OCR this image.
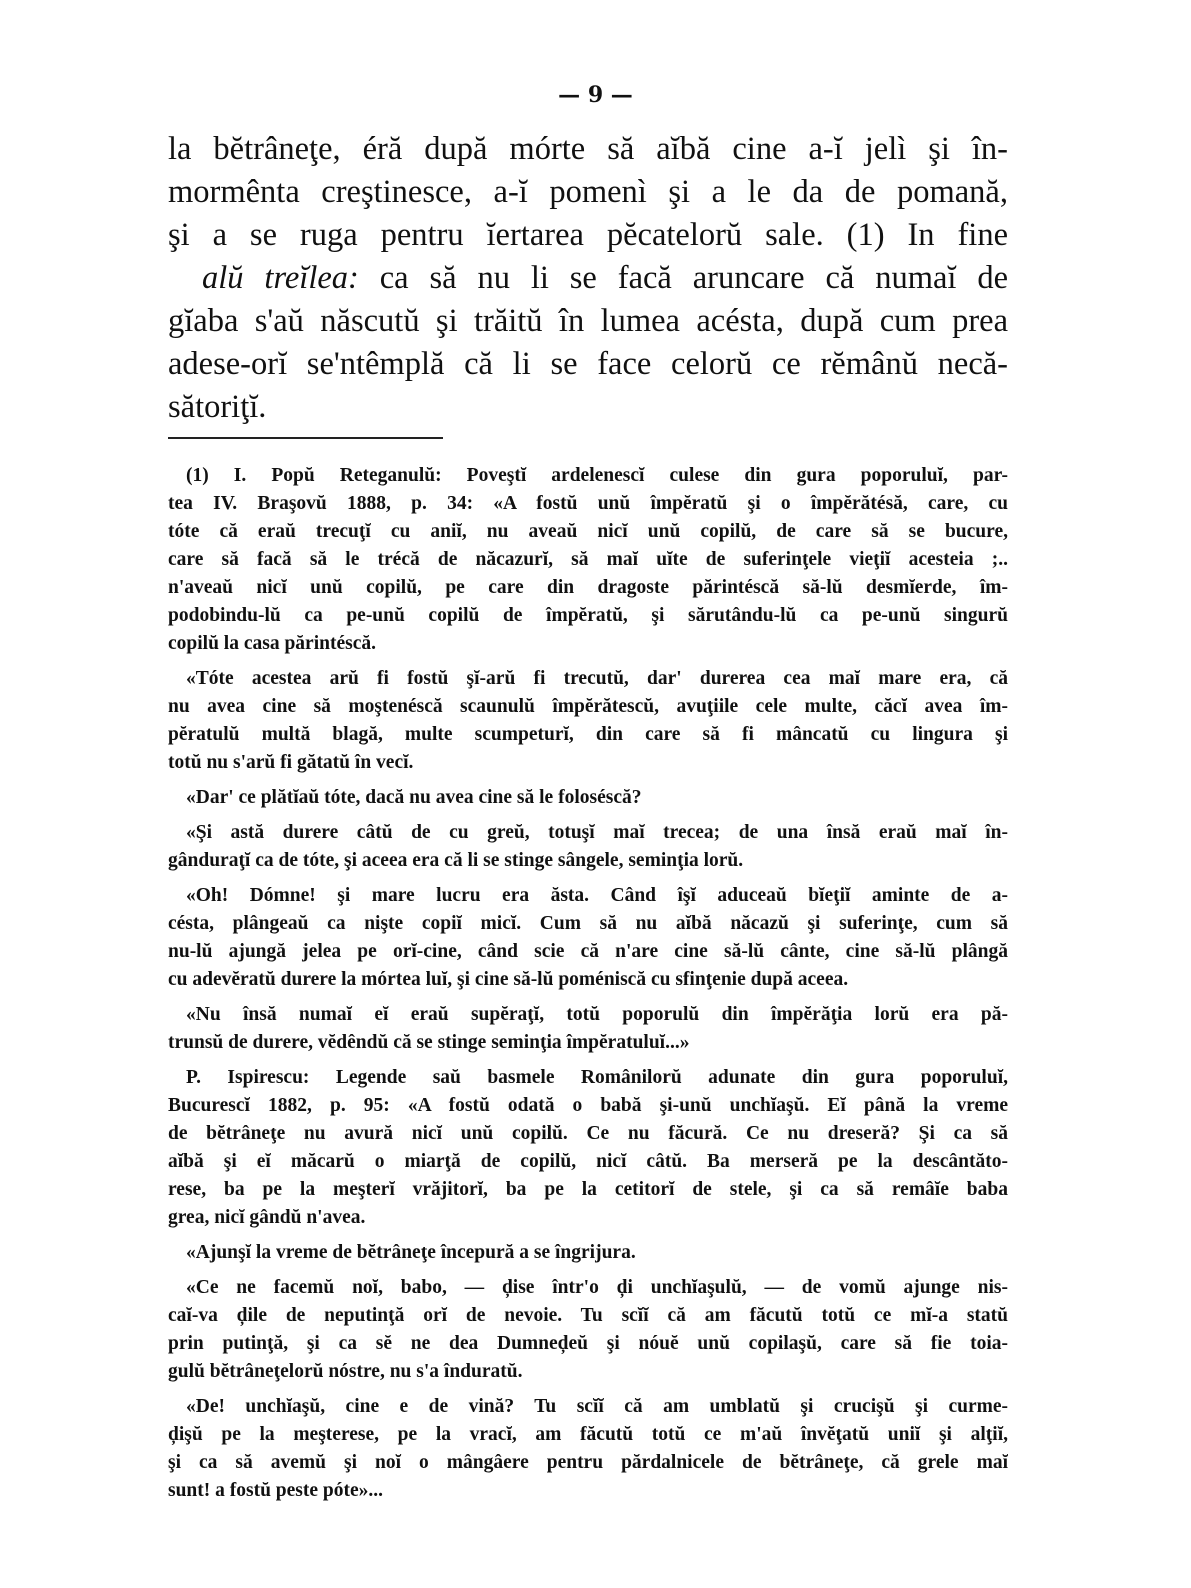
— 9 —
la bĕtrâneţe, éră după mórte să aĭbă cine a-ĭ jelì şi în-
mormênta creştinesce, a-ĭ pomenì şi a le da de pomană,
şi a se ruga pentru ĭertarea pĕcatelorŭ sale. (1) In fine
alŭ treĭlea: ca să nu li se facă aruncare că numaĭ de
gĭaba s'aŭ născutŭ şi trăitŭ în lumea acésta, după cum prea
adese-orĭ se'ntêmplă că li se face celorŭ ce rĕmânŭ necă-
sătoriţĭ.
(1) I. Popŭ Reteganulŭ: Poveştĭ ardelenescĭ culese din gura poporuluĭ, par-
tea IV. Braşovŭ 1888, p. 34: «A fostŭ unŭ împĕratŭ şi o împĕrătésă, care, cu
tóte că eraŭ trecuţĭ cu aniĭ, nu aveaŭ nicĭ unŭ copilŭ, de care să se bucure,
care să facă să le trécă de năcazurĭ, să maĭ uĭte de suferinţele vieţiĭ acesteia ;..
n'aveaŭ nicĭ unŭ copilŭ, pe care din dragoste părintéscă să-lŭ desmĭerde, îm-
podobindu-lŭ ca pe-unŭ copilŭ de împĕratŭ, şi sărutându-lŭ ca pe-unŭ singurŭ
copilŭ la casa părintéscă.
«Tóte acestea arŭ fi fostŭ şĭ-arŭ fi trecutŭ, dar' durerea cea maĭ mare era, că
nu avea cine să moştenéscă scaunulŭ împĕrătescŭ, avuţiile cele multe, căcĭ avea îm-
pĕratulŭ multă blagă, multe scumpeturĭ, din care să fi mâncatŭ cu lingura şi
totŭ nu s'arŭ fi gătatŭ în vecĭ.
«Dar' ce plătĭaŭ tóte, dacă nu avea cine să le foloséscă?
«Şi astă durere câtŭ de cu greŭ, totuşĭ maĭ trecea; de una însă eraŭ maĭ în-
gânduraţĭ ca de tóte, şi aceea era că li se stinge sângele, seminţia lorŭ.
«Oh! Dómne! şi mare lucru era ăsta. Când îşĭ aduceaŭ bĭeţiĭ aminte de a-
césta, plângeaŭ ca nişte copiĭ micĭ. Cum să nu aĭbă năcazŭ şi suferinţe, cum să
nu-lŭ ajungă jelea pe orĭ-cine, când scie că n'are cine să-lŭ cânte, cine să-lŭ plângă
cu adevĕratŭ durere la mórtea luĭ, şi cine să-lŭ poméniscă cu sfinţenie după aceea.
«Nu însă numaĭ eĭ eraŭ supĕraţĭ, totŭ poporulŭ din împĕrăţia lorŭ era pă-
trunsŭ de durere, vĕdêndŭ că se stinge seminţia împĕratuluĭ...»
P. Ispirescu: Legende saŭ basmele Românilorŭ adunate din gura poporuluĭ,
Bucurescĭ 1882, p. 95: «A fostŭ odată o babă şi-unŭ unchĭaşŭ. Eĭ până la vreme
de bĕtrâneţe nu avură nicĭ unŭ copilŭ. Ce nu făcură. Ce nu dreseră? Şi ca să
aĭbă şi eĭ măcarŭ o miarţă de copilŭ, nicĭ câtŭ. Ba merseră pe la descântăto-
rese, ba pe la meşterĭ vrăjitorĭ, ba pe la cetitorĭ de stele, şi ca să remâĭe baba
grea, nicĭ gândŭ n'avea.
«Ajunşĭ la vreme de bĕtrâneţe începură a se îngrijura.
«Ce ne facemŭ noĭ, babo, — ḑise într'o ḑi unchĭaşulŭ, — de vomŭ ajunge nis-
caĭ-va ḑile de neputinţă orĭ de nevoie. Tu scĭĭ că am făcutŭ totŭ ce mĭ-a statŭ
prin putinţă, şi ca sĕ ne dea Dumneḑeŭ şi nóuĕ unŭ copilaşŭ, care să fie toia-
gulŭ bĕtrâneţelorŭ nóstre, nu s'a înduratŭ.
«De! unchĭaşŭ, cine e de vină? Tu scĭĭ că am umblatŭ şi crucişŭ şi curme-
ḑişŭ pe la meşterese, pe la vracĭ, am făcutŭ totŭ ce m'aŭ învĕţatŭ uniĭ şi alţiĭ,
şi ca să avemŭ şi noĭ o mângâere pentru părdalnicele de bĕtrâneţe, că grele maĭ
sunt! a fostŭ peste póte»...
